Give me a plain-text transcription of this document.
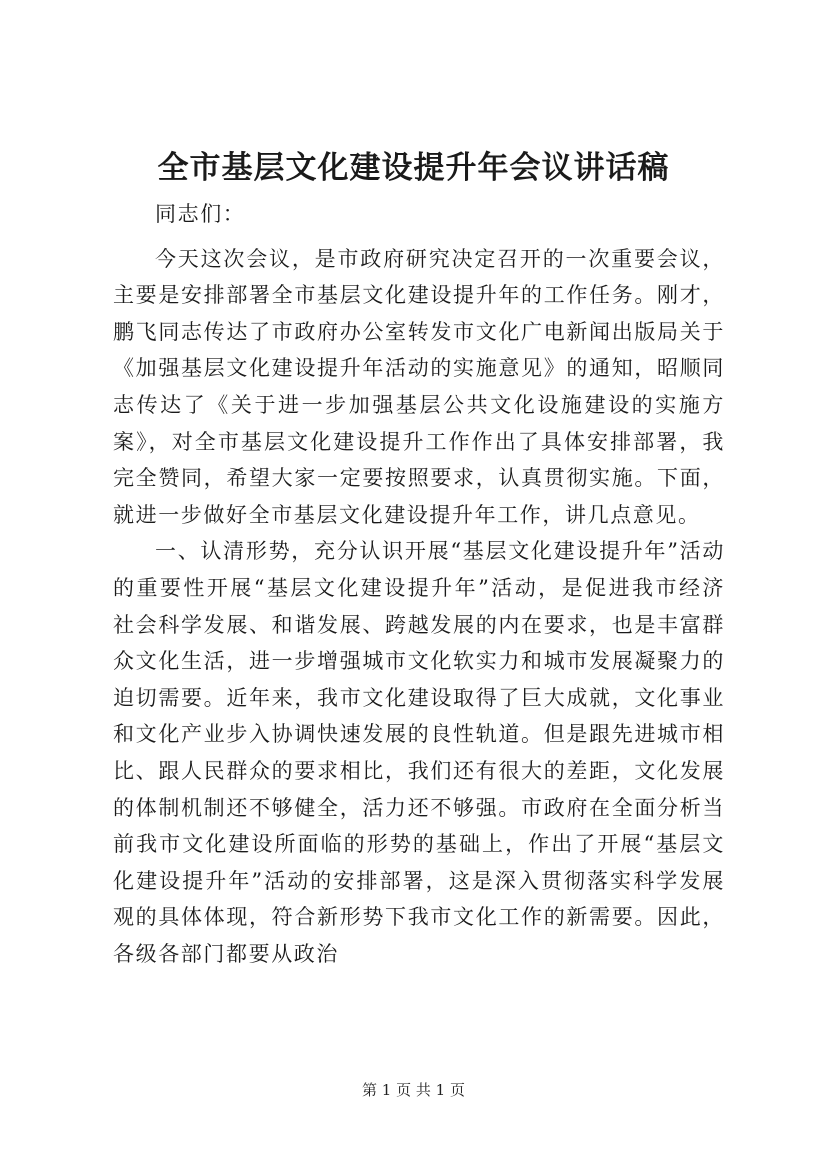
全市基层文化建设提升年会议讲话稿

同志们：

今天这次会议，是市政府研究决定召开的一次重要会议，主要是安排部署全市基层文化建设提升年的工作任务。刚才，鹏飞同志传达了市政府办公室转发市文化广电新闻出版局关于《加强基层文化建设提升年活动的实施意见》的通知，昭顺同志传达了《关于进一步加强基层公共文化设施建设的实施方案》，对全市基层文化建设提升工作作出了具体安排部署，我完全赞同，希望大家一定要按照要求，认真贯彻实施。下面，就进一步做好全市基层文化建设提升年工作，讲几点意见。

一、认清形势，充分认识开展“基层文化建设提升年”活动的重要性开展“基层文化建设提升年”活动，是促进我市经济社会科学发展、和谐发展、跨越发展的内在要求，也是丰富群众文化生活，进一步增强城市文化软实力和城市发展凝聚力的迫切需要。近年来，我市文化建设取得了巨大成就，文化事业和文化产业步入协调快速发展的良性轨道。但是跟先进城市相比、跟人民群众的要求相比，我们还有很大的差距，文化发展的体制机制还不够健全，活力还不够强。市政府在全面分析当前我市文化建设所面临的形势的基础上，作出了开展“基层文化建设提升年”活动的安排部署，这是深入贯彻落实科学发展观的具体体现，符合新形势下我市文化工作的新需要。因此，各级各部门都要从政治

第 1 页 共 1 页
